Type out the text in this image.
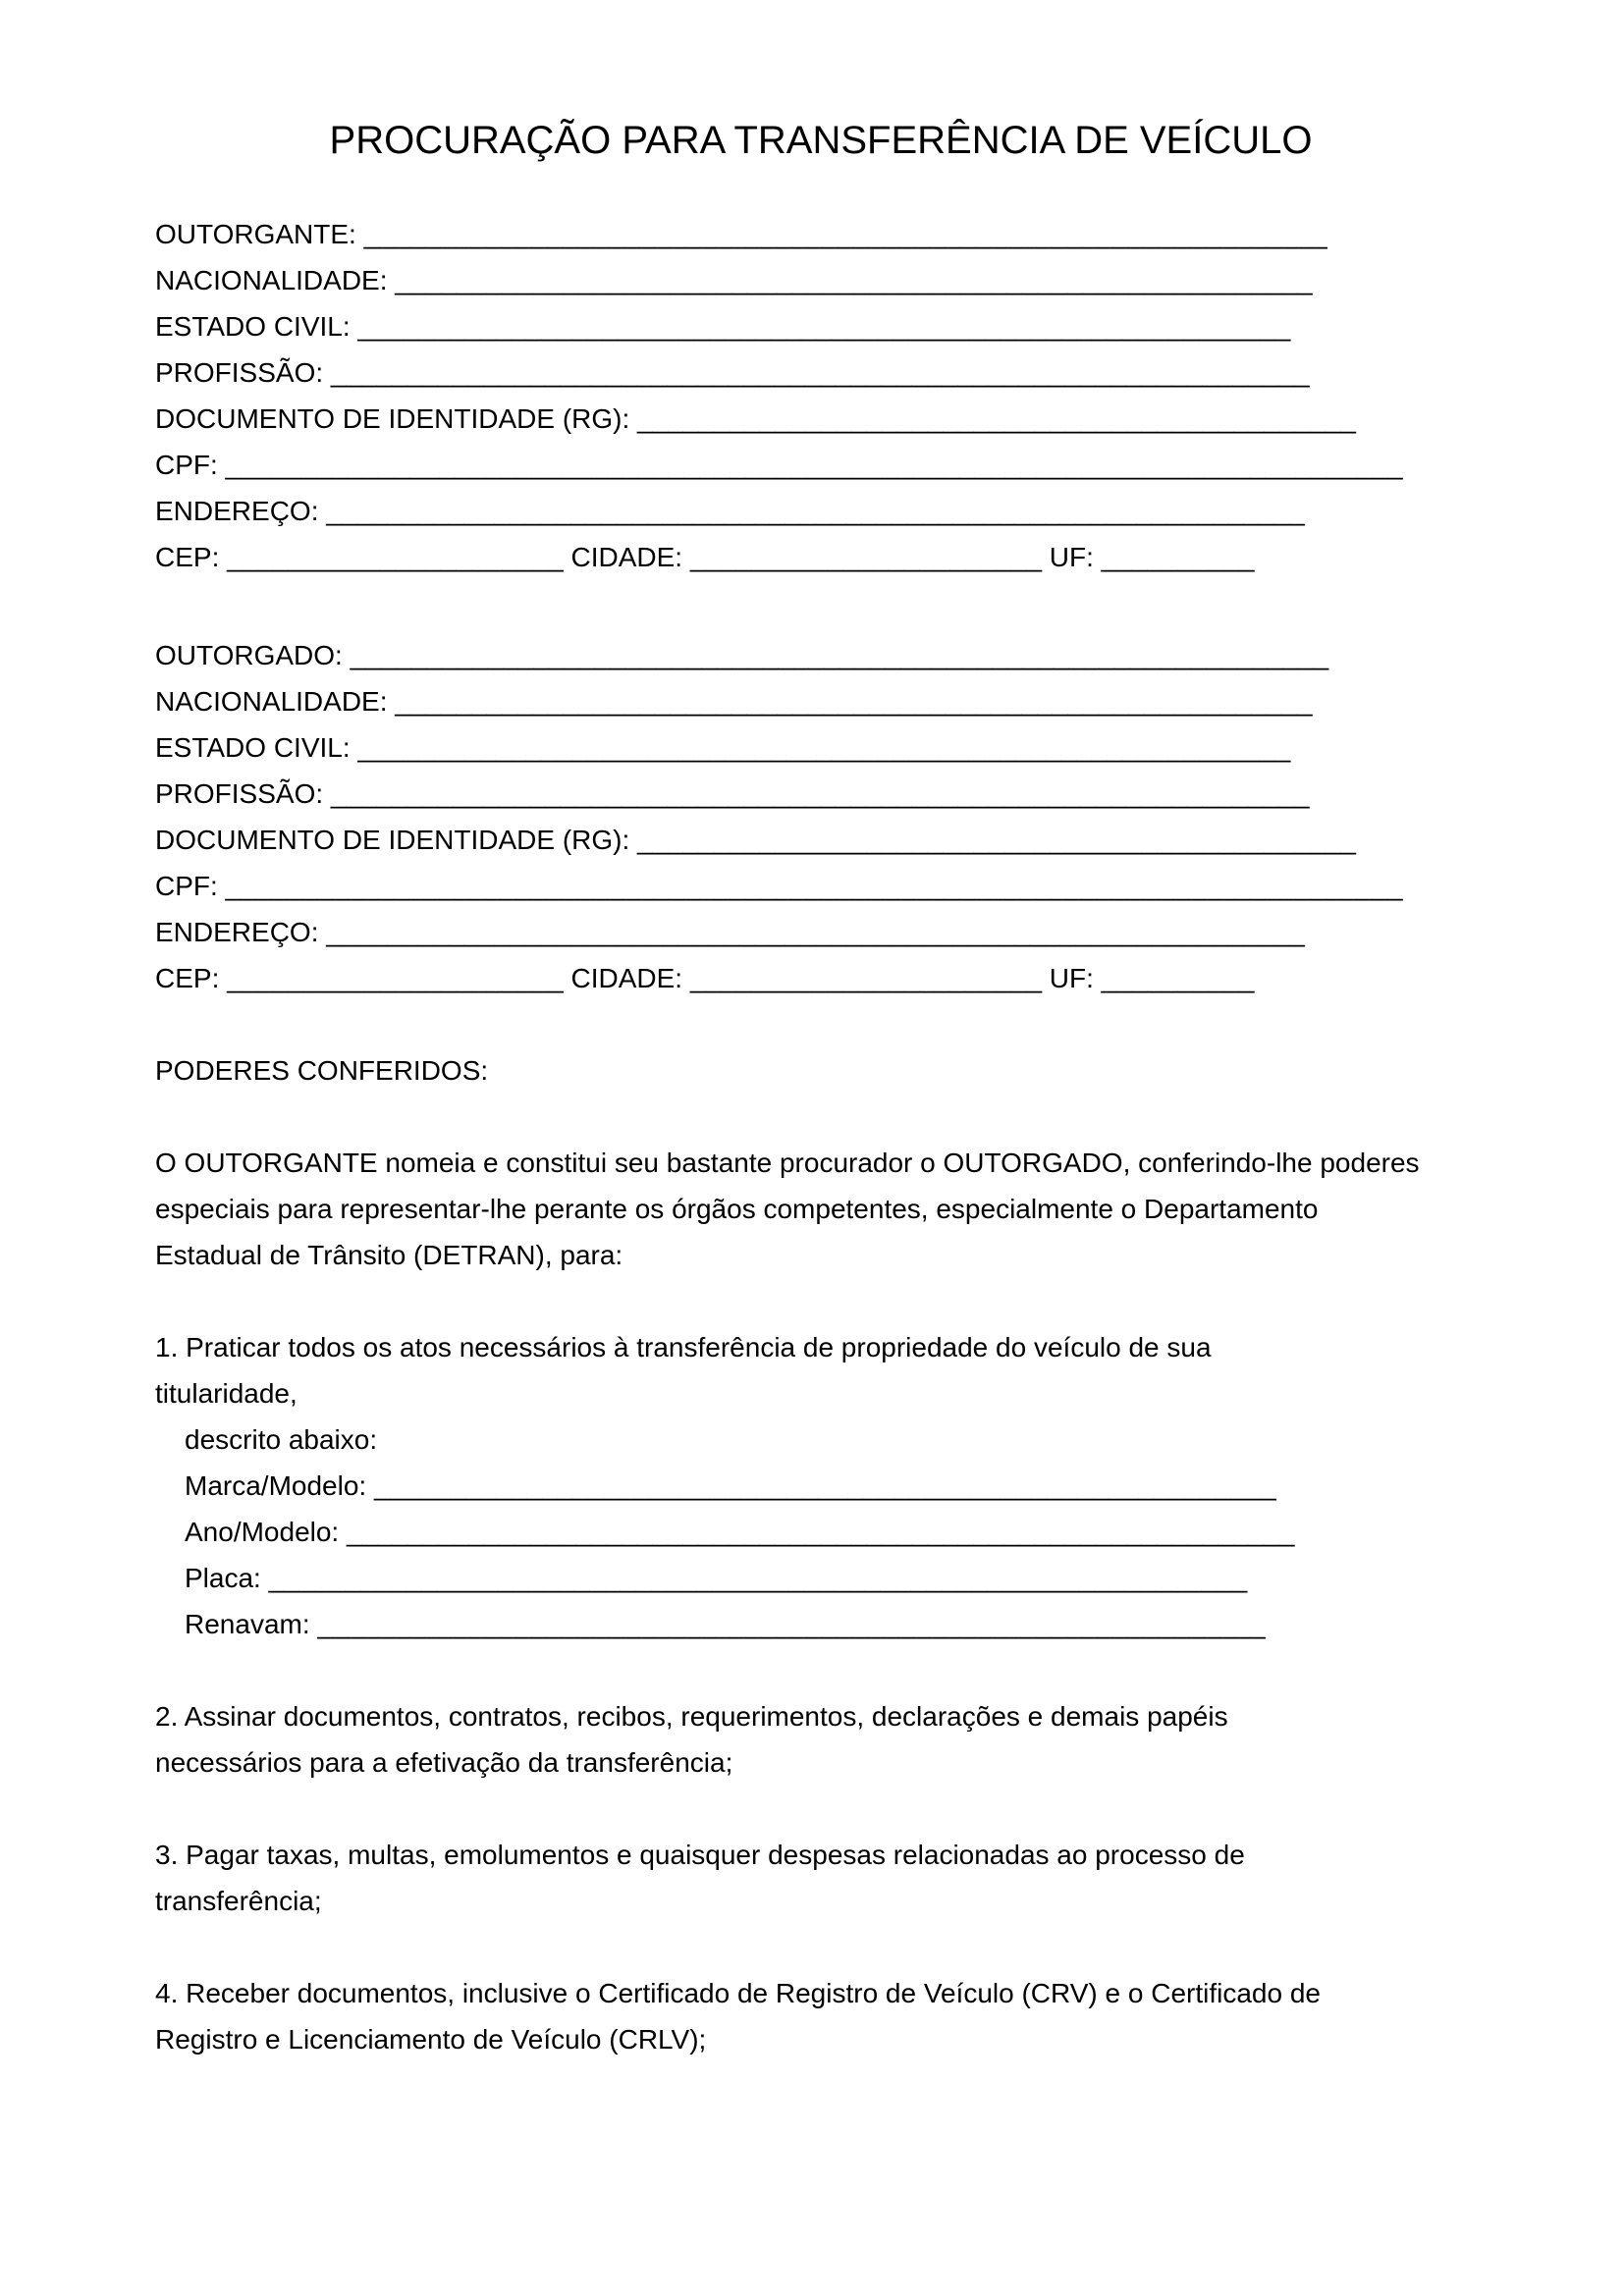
PROCURAÇÃO PARA TRANSFERÊNCIA DE VEÍCULO
OUTORGANTE: _______________________________________________________________
NACIONALIDADE: ____________________________________________________________
ESTADO CIVIL: _____________________________________________________________
PROFISSÃO: ________________________________________________________________
DOCUMENTO DE IDENTIDADE (RG): _______________________________________________
CPF: _____________________________________________________________________________
ENDEREÇO: ________________________________________________________________
CEP: ______________________ CIDADE: _______________________ UF: __________
OUTORGADO: ________________________________________________________________
NACIONALIDADE: ____________________________________________________________
ESTADO CIVIL: _____________________________________________________________
PROFISSÃO: ________________________________________________________________
DOCUMENTO DE IDENTIDADE (RG): _______________________________________________
CPF: _____________________________________________________________________________
ENDEREÇO: ________________________________________________________________
CEP: ______________________ CIDADE: _______________________ UF: __________
PODERES CONFERIDOS:
O OUTORGANTE nomeia e constitui seu bastante procurador o OUTORGADO, conferindo-lhe poderes
especiais para representar-lhe perante os órgãos competentes, especialmente o Departamento
Estadual de Trânsito (DETRAN), para:
1. Praticar todos os atos necessários à transferência de propriedade do veículo de sua
titularidade,
descrito abaixo:
Marca/Modelo: ___________________________________________________________
Ano/Modelo: ______________________________________________________________
Placa: ________________________________________________________________
Renavam: ______________________________________________________________
2. Assinar documentos, contratos, recibos, requerimentos, declarações e demais papéis
necessários para a efetivação da transferência;
3. Pagar taxas, multas, emolumentos e quaisquer despesas relacionadas ao processo de
transferência;
4. Receber documentos, inclusive o Certificado de Registro de Veículo (CRV) e o Certificado de
Registro e Licenciamento de Veículo (CRLV);
